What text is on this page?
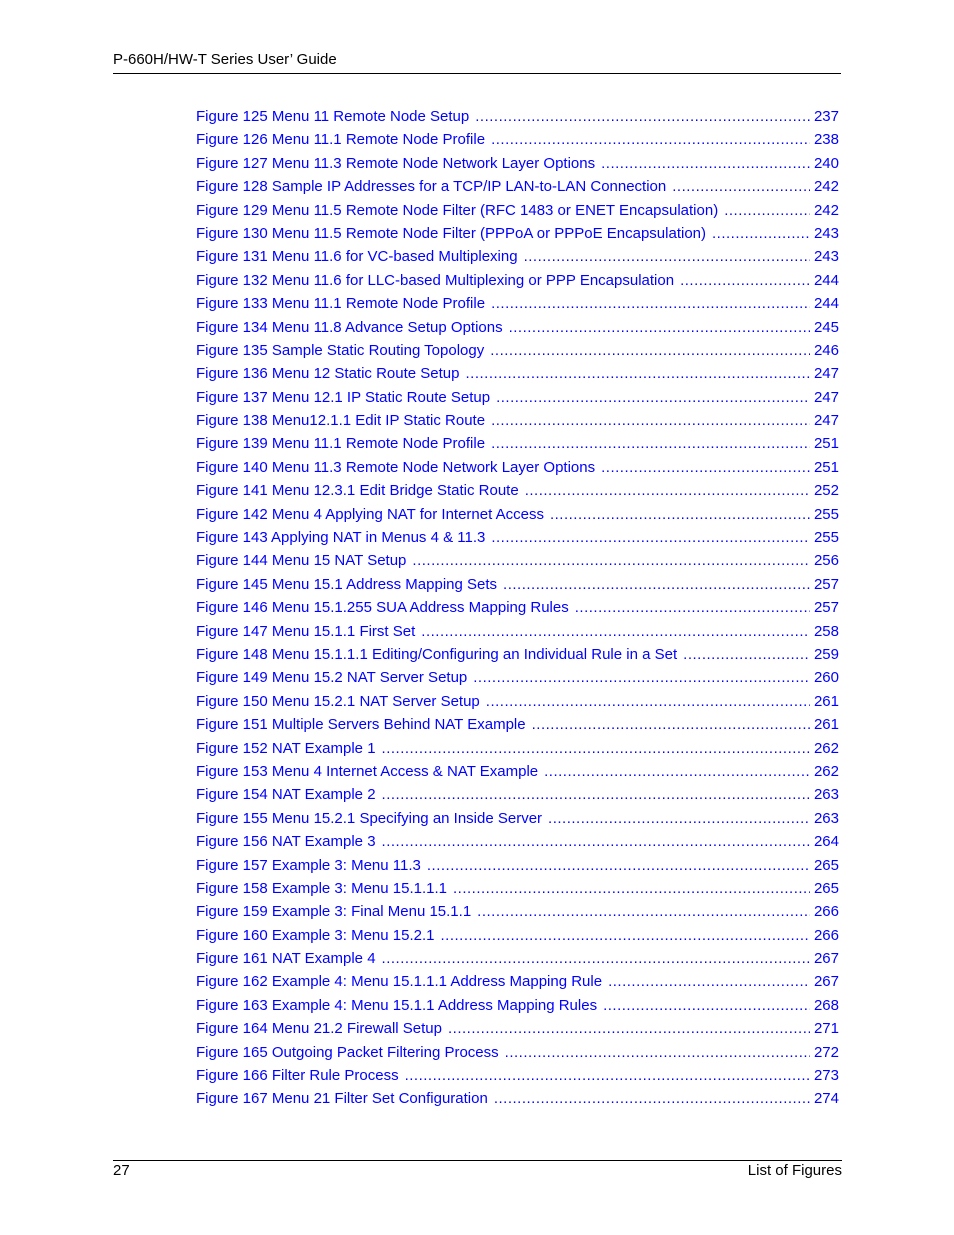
P-660H/HW-T Series User’ Guide
Figure 125 Menu 11 Remote Node Setup .....	237
Figure 126 Menu 11.1 Remote Node Profile .....	238
Figure 127 Menu 11.3 Remote Node Network Layer Options .....	240
Figure 128 Sample IP Addresses for a TCP/IP LAN-to-LAN Connection .....	242
Figure 129 Menu 11.5 Remote Node Filter (RFC 1483 or ENET Encapsulation) .....	242
Figure 130 Menu 11.5 Remote Node Filter (PPPoA or PPPoE Encapsulation) .....	243
Figure 131 Menu 11.6 for VC-based Multiplexing .....	243
Figure 132 Menu 11.6 for LLC-based Multiplexing or PPP Encapsulation .....	244
Figure 133 Menu 11.1 Remote Node Profile .....	244
Figure 134 Menu 11.8 Advance Setup Options .....	245
Figure 135 Sample Static Routing Topology .....	246
Figure 136 Menu 12 Static Route Setup .....	247
Figure 137 Menu 12.1 IP Static Route Setup .....	247
Figure 138 Menu12.1.1 Edit IP Static Route .....	247
Figure 139 Menu 11.1 Remote Node Profile .....	251
Figure 140 Menu 11.3 Remote Node Network Layer Options .....	251
Figure 141 Menu 12.3.1 Edit Bridge Static Route .....	252
Figure 142 Menu 4 Applying NAT for Internet Access .....	255
Figure 143 Applying NAT in Menus 4 & 11.3 .....	255
Figure 144 Menu 15 NAT Setup .....	256
Figure 145 Menu 15.1 Address Mapping Sets .....	257
Figure 146 Menu 15.1.255 SUA Address Mapping Rules .....	257
Figure 147 Menu 15.1.1 First Set .....	258
Figure 148 Menu 15.1.1.1 Editing/Configuring an Individual Rule in a Set .....	259
Figure 149 Menu 15.2 NAT Server Setup .....	260
Figure 150 Menu 15.2.1 NAT Server Setup .....	261
Figure 151 Multiple Servers Behind NAT Example .....	261
Figure 152 NAT Example 1 .....	262
Figure 153 Menu 4 Internet Access & NAT Example .....	262
Figure 154 NAT Example 2 .....	263
Figure 155 Menu 15.2.1 Specifying an Inside Server .....	263
Figure 156 NAT Example 3 .....	264
Figure 157 Example 3: Menu 11.3 .....	265
Figure 158 Example 3: Menu 15.1.1.1 .....	265
Figure 159 Example 3: Final Menu 15.1.1 .....	266
Figure 160 Example 3: Menu 15.2.1 .....	266
Figure 161 NAT Example 4 .....	267
Figure 162 Example 4: Menu 15.1.1.1 Address Mapping Rule .....	267
Figure 163 Example 4: Menu 15.1.1 Address Mapping Rules .....	268
Figure 164 Menu 21.2 Firewall Setup .....	271
Figure 165 Outgoing Packet Filtering Process .....	272
Figure 166 Filter Rule Process .....	273
Figure 167 Menu 21 Filter Set Configuration .....	274
27	List of Figures
